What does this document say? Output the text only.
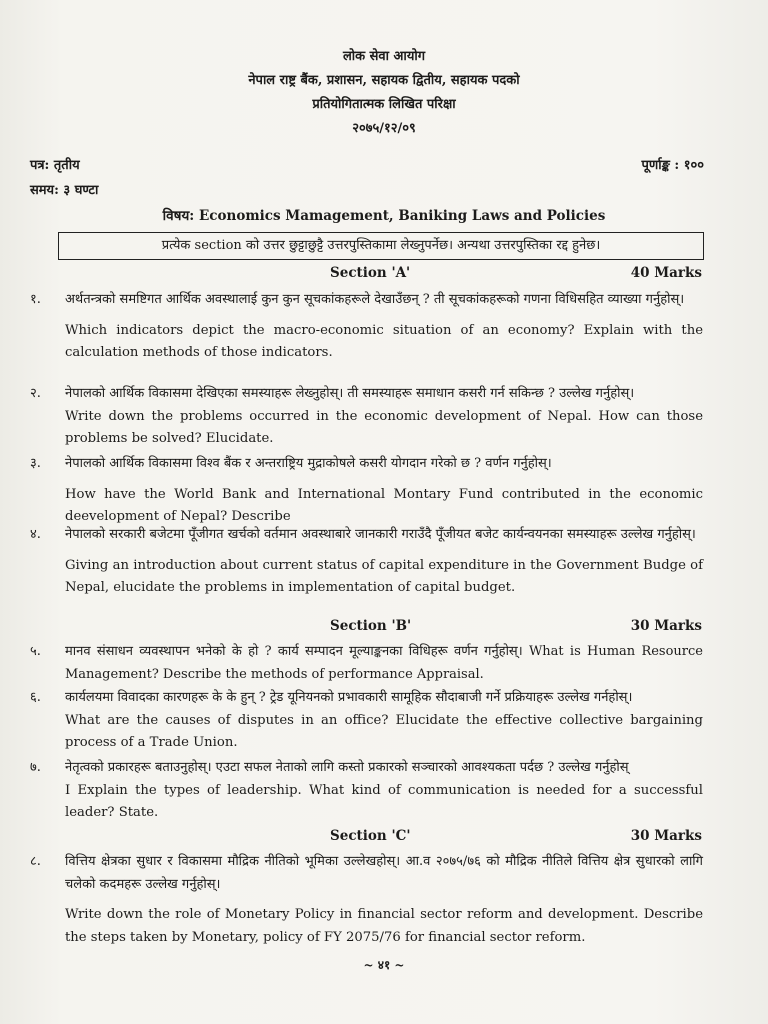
लोक सेवा आयोग
नेपाल राष्ट्र बैंक, प्रशासन, सहायक द्वितीय, सहायक पदको
प्रतियोगितात्मक लिखित परिक्षा
२०७५/१२/०९
पत्र: तृतीय	पूर्णाङ्क : १००
समय: ३ घण्टा
विषय: Economics Mamagement, Baniking Laws and Policies
प्रत्येक section को उत्तर छुट्टाछुट्टै उत्तरपुस्तिकामा लेख्नुपर्नेछ। अन्यथा उत्तरपुस्तिका रद्द हुनेछ।
Section 'A'	40 Marks
१. अर्थतन्त्रको समष्टिगत आर्थिक अवस्थालाई कुन कुन सूचकांकहरूले देखाउँछन् ? ती सूचकांकहरूको गणना विधिसहित व्याख्या गर्नुहोस्।
Which indicators depict the macro-economic situation of an economy? Explain with the calculation methods of those indicators.
२. नेपालको आर्थिक विकासमा देखिएका समस्याहरू लेख्नुहोस्। ती समस्याहरू समाधान कसरी गर्न सकिन्छ ? उल्लेख गर्नुहोस्।
Write down the problems occurred in the economic development of Nepal. How can those problems be solved? Elucidate.
३. नेपालको आर्थिक विकासमा विश्व बैंक र अन्तराष्ट्रिय मुद्राकोषले कसरी योगदान गरेको छ ? वर्णन गर्नुहोस्।
How have the World Bank and International Montary Fund contributed in the economic deevelopment of Nepal? Describe
४. नेपालको सरकारी बजेटमा पूँजीगत खर्चको वर्तमान अवस्थाबारे जानकारी गराउँदै पूँजीयत बजेट कार्यन्वयनका समस्याहरू उल्लेख गर्नुहोस्।
Giving an introduction about current status of capital expenditure in the Government Budge of Nepal, elucidate the problems in implementation of capital budget.
Section 'B'	30 Marks
५. मानव संसाधन व्यवस्थापन भनेको के हो ? कार्य सम्पादन मूल्याङ्कनका विधिहरू वर्णन गर्नुहोस्। What is Human Resource Management? Describe the methods of performance Appraisal.
६. कार्यलयमा विवादका कारणहरू के के हुन् ? ट्रेड यूनियनको प्रभावकारी सामूहिक सौदाबाजी गर्ने प्रक्रियाहरू उल्लेख गर्नहोस्।
What are the causes of disputes in an office? Elucidate the effective collective bargaining process of a Trade Union.
७. नेतृत्वको प्रकारहरू बताउनुहोस्। एउटा सफल नेताको लागि कस्तो प्रकारको सञ्चारको आवश्यकता पर्दछ ? उल्लेख गर्नुहोस्
I Explain the types of leadership. What kind of communication is needed for a successful leader? State.
Section 'C'	30 Marks
८. वित्तिय क्षेत्रका सुधार र विकासमा मौद्रिक नीतिको भूमिका उल्लेखहोस्। आ.व २०७५/७६ को मौद्रिक नीतिले वित्तिय क्षेत्र सुधारको लागि चलेको कदमहरू उल्लेख गर्नुहोस्।
Write down the role of Monetary Policy in financial sector reform and development. Describe the steps taken by Monetary, policy of FY 2075/76 for financial sector reform.
~ ४१ ~
